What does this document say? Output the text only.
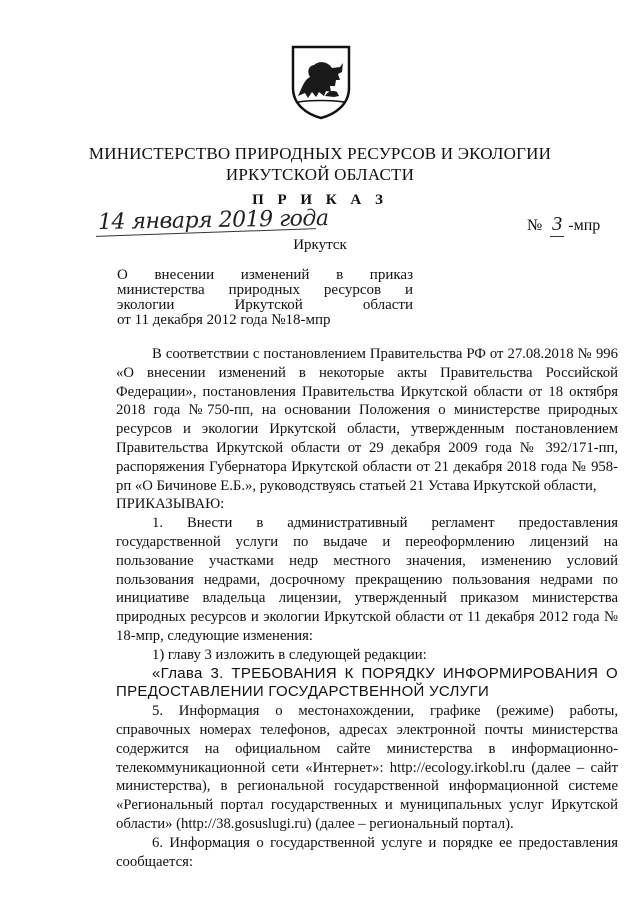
МИНИСТЕРСТВО ПРИРОДНЫХ РЕСУРСОВ И ЭКОЛОГИИ
ИРКУТСКОЙ ОБЛАСТИ
П Р И К А З
14 января 2019 года	№ 3 -мпр
Иркутск

О внесении изменений в приказ

министерства природных ресурсов и

экологии Иркутской области

от 11 декабря 2012 года №18-мпр

В соответствии с постановлением Правительства РФ от 27.08.2018 № 996 «О внесении изменений в некоторые акты Правительства Российской Федерации», постановления Правительства Иркутской области от 18 октября 2018 года №750-пп, на основании Положения о министерстве природных ресурсов и экологии Иркутской области, утвержденным постановлением Правительства Иркутской области от 29 декабря 2009 года № 392/171-пп, распоряжения Губернатора Иркутской области от 21 декабря 2018 года № 958-рп «О Бичинове Е.Б.», руководствуясь статьей 21 Устава Иркутской области,

ПРИКАЗЫВАЮ:

1. Внести в административный регламент предоставления государственной услуги по выдаче и переоформлению лицензий на пользование участками недр местного значения, изменению условий пользования недрами, досрочному прекращению пользования недрами по инициативе владельца лицензии, утвержденный приказом министерства природных ресурсов и экологии Иркутской области от 11 декабря 2012 года № 18-мпр, следующие изменения:

1) главу 3 изложить в следующей редакции:

«Глава 3. ТРЕБОВАНИЯ К ПОРЯДКУ ИНФОРМИРОВАНИЯ О ПРЕДОСТАВЛЕНИИ ГОСУДАРСТВЕННОЙ УСЛУГИ

5. Информация о местонахождении, графике (режиме) работы, справочных номерах телефонов, адресах электронной почты министерства содержится на официальном сайте министерства в информационно-телекоммуникационной сети «Интернет»: http://ecology.irkobl.ru (далее – сайт министерства), в региональной государственной информационной системе «Региональный портал государственных и муниципальных услуг Иркутской области» (http://38.gosuslugi.ru) (далее – региональный портал).

6. Информация о государственной услуге и порядке ее предоставления сообщается:
